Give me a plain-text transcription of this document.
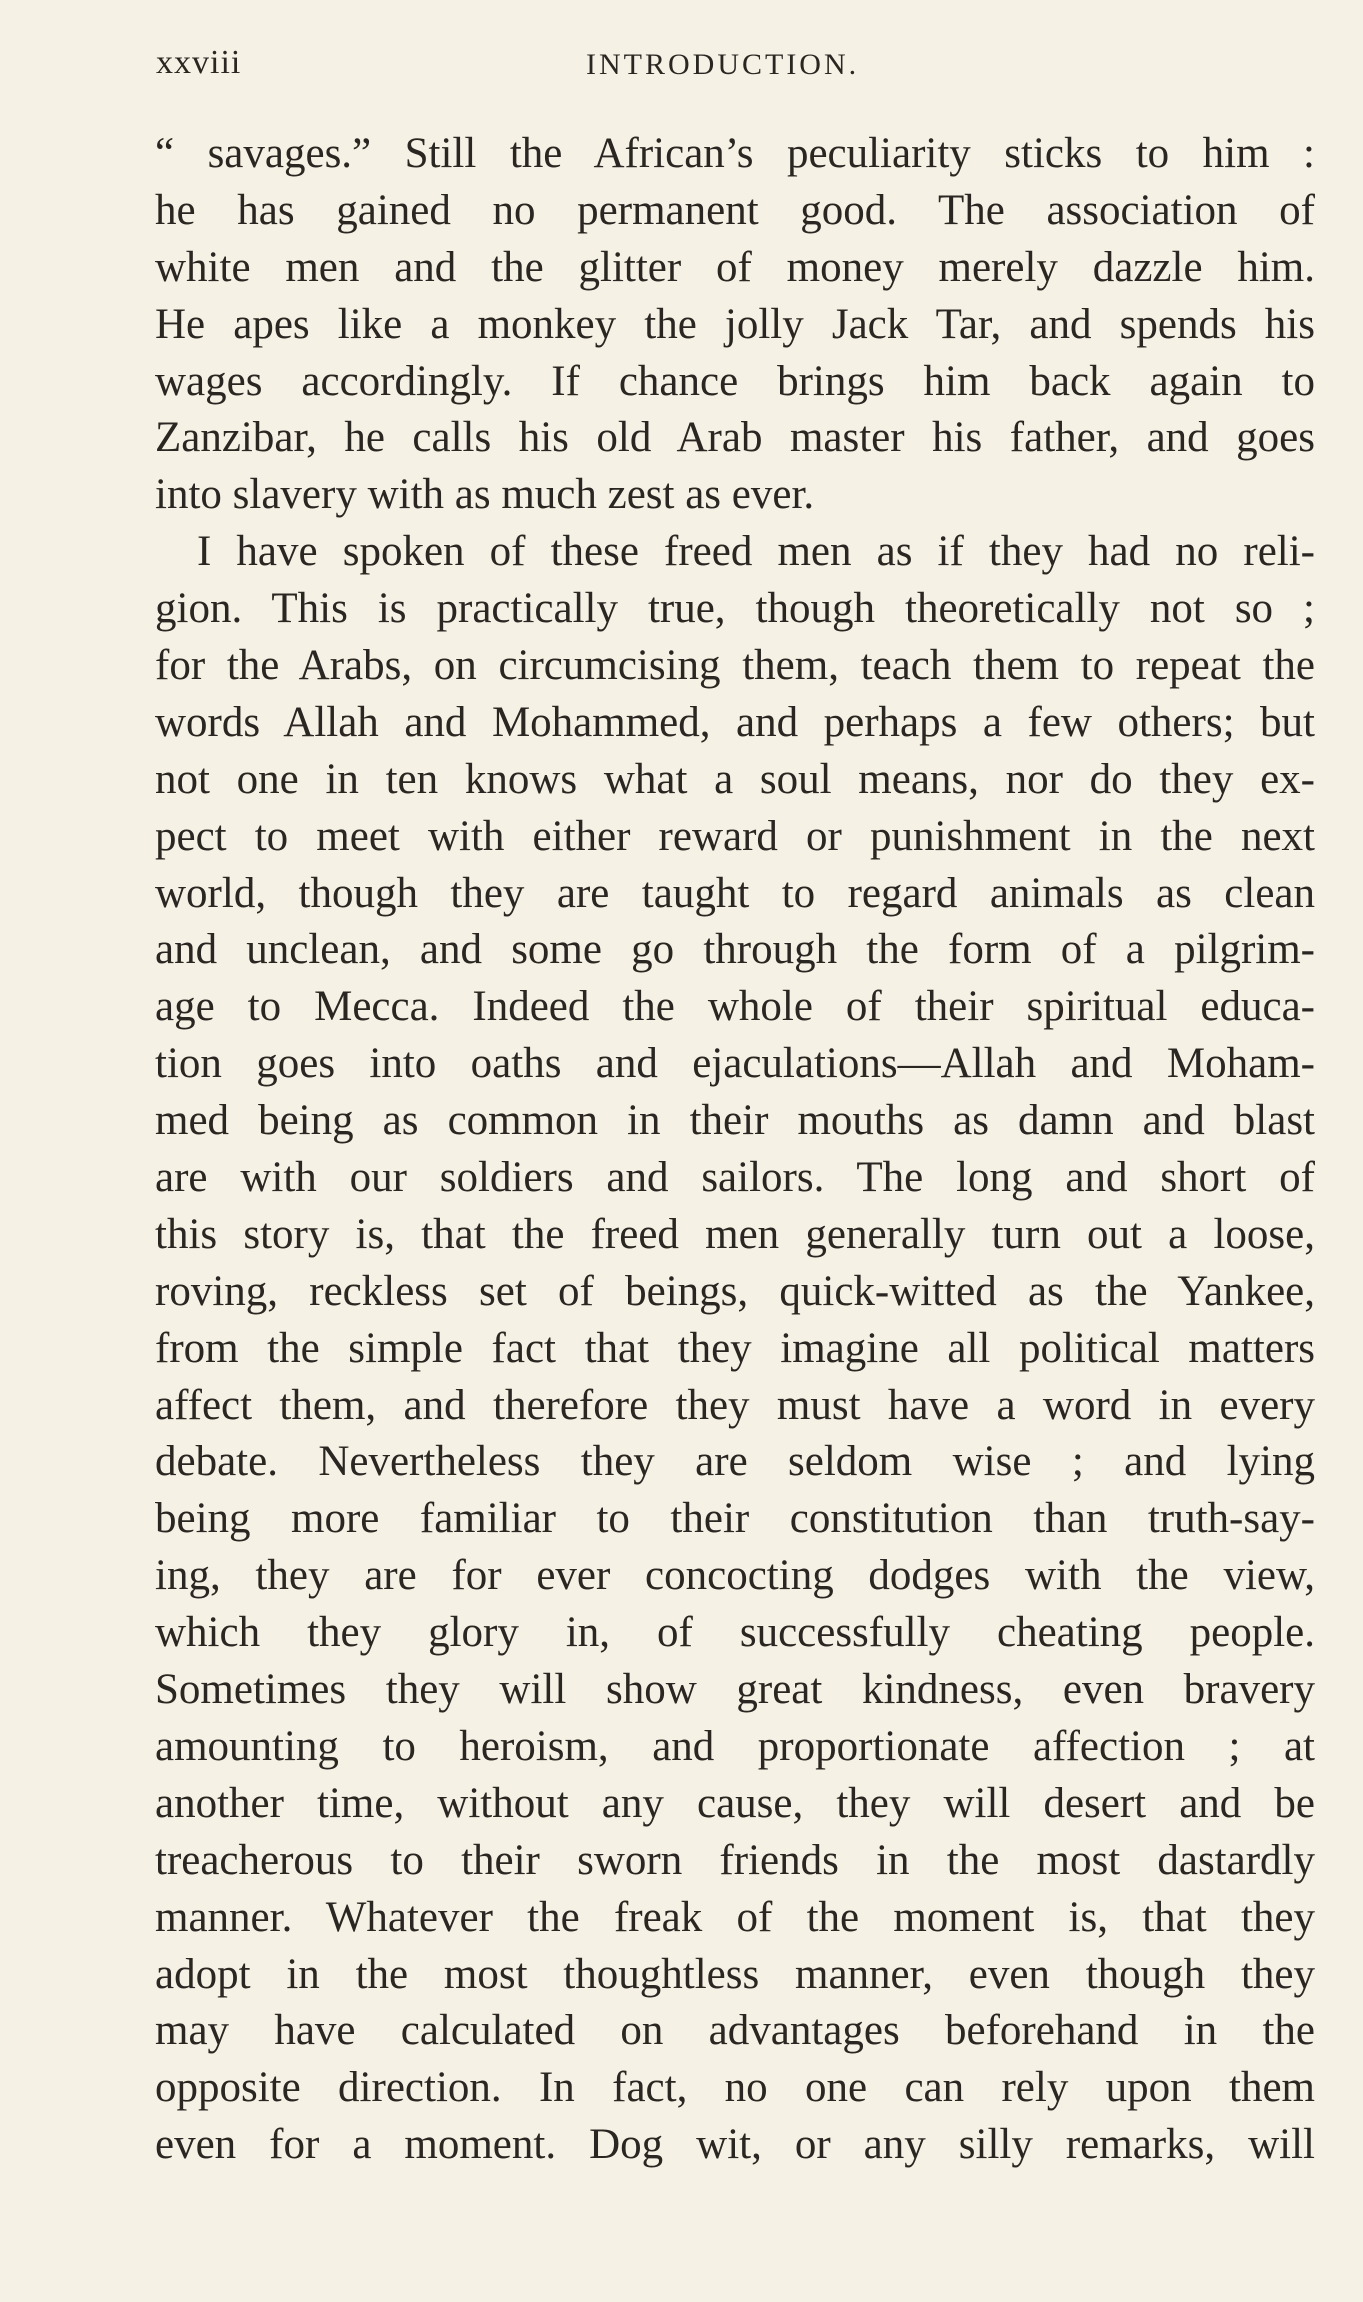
xxviii	INTRODUCTION.
“ savages.” Still the African’s peculiarity sticks to him :
he has gained no permanent good. The association of
white men and the glitter of money merely dazzle him.
He apes like a monkey the jolly Jack Tar, and spends his
wages accordingly. If chance brings him back again to
Zanzibar, he calls his old Arab master his father, and goes
into slavery with as much zest as ever.
I have spoken of these freed men as if they had no reli-
gion. This is practically true, though theoretically not so ;
for the Arabs, on circumcising them, teach them to repeat the
words Allah and Mohammed, and perhaps a few others; but
not one in ten knows what a soul means, nor do they ex-
pect to meet with either reward or punishment in the next
world, though they are taught to regard animals as clean
and unclean, and some go through the form of a pilgrim-
age to Mecca. Indeed the whole of their spiritual educa-
tion goes into oaths and ejaculations—Allah and Moham-
med being as common in their mouths as damn and blast
are with our soldiers and sailors. The long and short of
this story is, that the freed men generally turn out a loose,
roving, reckless set of beings, quick-witted as the Yankee,
from the simple fact that they imagine all political matters
affect them, and therefore they must have a word in every
debate. Nevertheless they are seldom wise ; and lying
being more familiar to their constitution than truth-say-
ing, they are for ever concocting dodges with the view,
which they glory in, of successfully cheating people.
Sometimes they will show great kindness, even bravery
amounting to heroism, and proportionate affection ; at
another time, without any cause, they will desert and be
treacherous to their sworn friends in the most dastardly
manner. Whatever the freak of the moment is, that they
adopt in the most thoughtless manner, even though they
may have calculated on advantages beforehand in the
opposite direction. In fact, no one can rely upon them
even for a moment. Dog wit, or any silly remarks, will
